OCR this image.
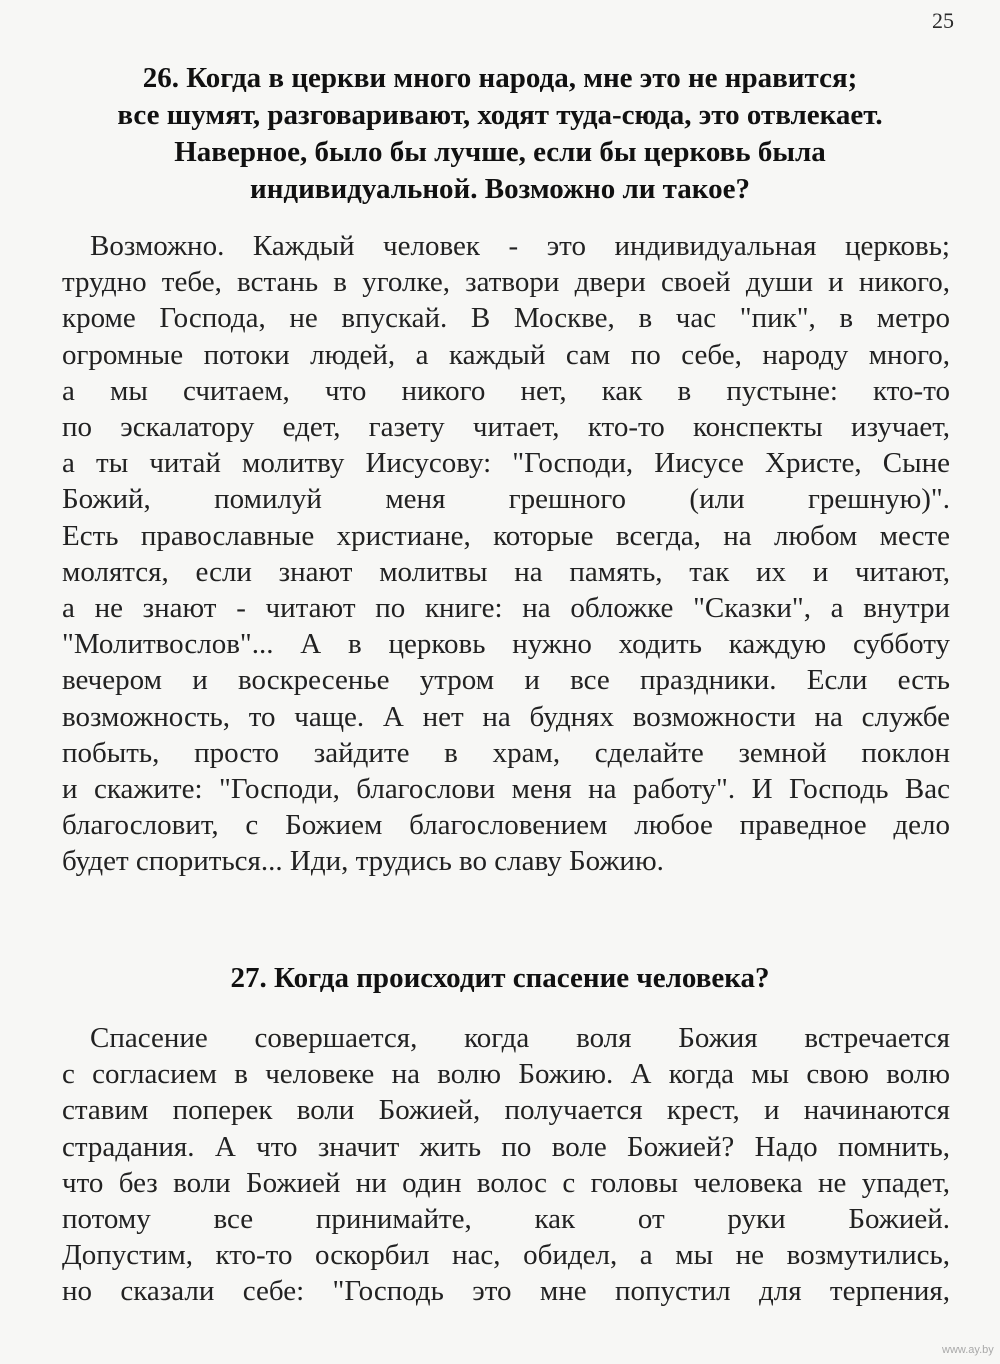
25
26. Когда в церкви много народа, мне это не нравится;
все шумят, разговаривают, ходят туда-сюда, это отвлекает.
Наверное, было бы лучше, если бы церковь была
индивидуальной. Возможно ли такое?

Возможно. Каждый человек - это индивидуальная церковь;
трудно тебе, встань в уголке, затвори двери своей души и никого,
кроме Господа, не впускай. В Москве, в час "пик", в метро
огромные потоки людей, а каждый сам по себе, народу много,
а мы считаем, что никого нет, как в пустыне: кто-то
по эскалатору едет, газету читает, кто-то конспекты изучает,
а ты читай молитву Иисусову: "Господи, Иисусе Христе, Сыне
Божий, помилуй меня грешного (или грешную)".
Есть православные христиане, которые всегда, на любом месте
молятся, если знают молитвы на память, так их и читают,
а не знают - читают по книге: на обложке "Сказки", а внутри
"Молитвослов"... А в церковь нужно ходить каждую субботу
вечером и воскресенье утром и все праздники. Если есть
возможность, то чаще. А нет на буднях возможности на службе
побыть, просто зайдите в храм, сделайте земной поклон
и скажите: "Господи, благослови меня на работу". И Господь Вас
благословит, с Божием благословением любое праведное дело
будет спориться... Иди, трудись во славу Божию.

27. Когда происходит спасение человека?

Спасение совершается, когда воля Божия встречается
с согласием в человеке на волю Божию. А когда мы свою волю
ставим поперек воли Божией, получается крест, и начинаются
страдания. А что значит жить по воле Божией? Надо помнить,
что без воли Божией ни один волос с головы человека не упадет,
потому все принимайте, как от руки Божией.
Допустим, кто-то оскорбил нас, обидел, а мы не возмутились,
но сказали себе: "Господь это мне попустил для терпения,

www.ay.by
